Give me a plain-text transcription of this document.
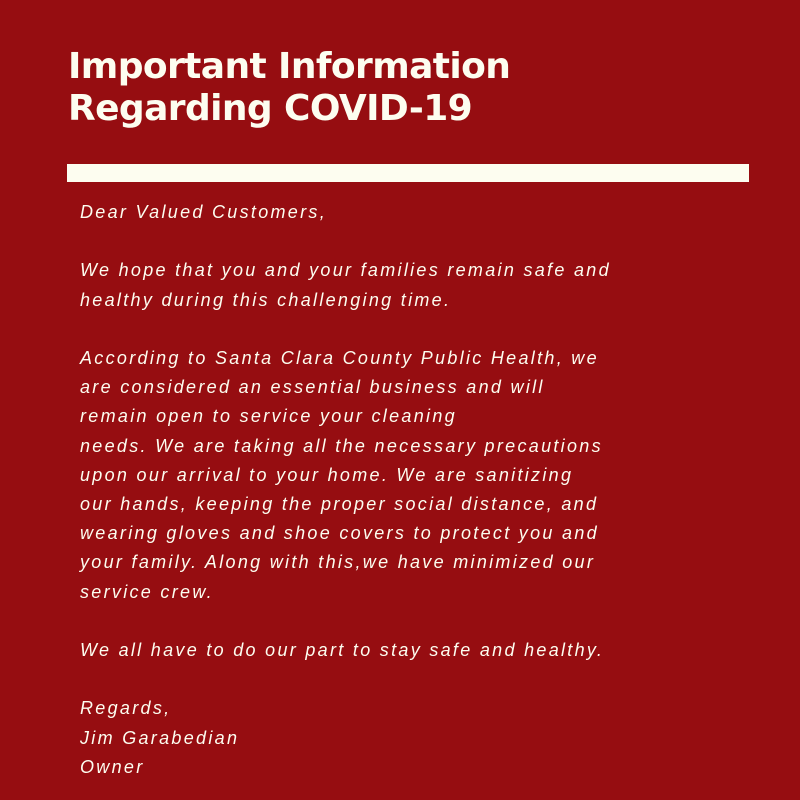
Important Information
Regarding COVID-19

Dear Valued Customers,

We hope that you and your families remain safe and
healthy during this challenging time.

According to Santa Clara County Public Health, we
are considered an essential business and will
remain open to service your cleaning
needs. We are taking all the necessary precautions
upon our arrival to your home. We are sanitizing
our hands, keeping the proper social distance, and
wearing gloves and shoe covers to protect you and
your family. Along with this,we have minimized our
service crew.

We all have to do our part to stay safe and healthy.

Regards,
Jim Garabedian
Owner
